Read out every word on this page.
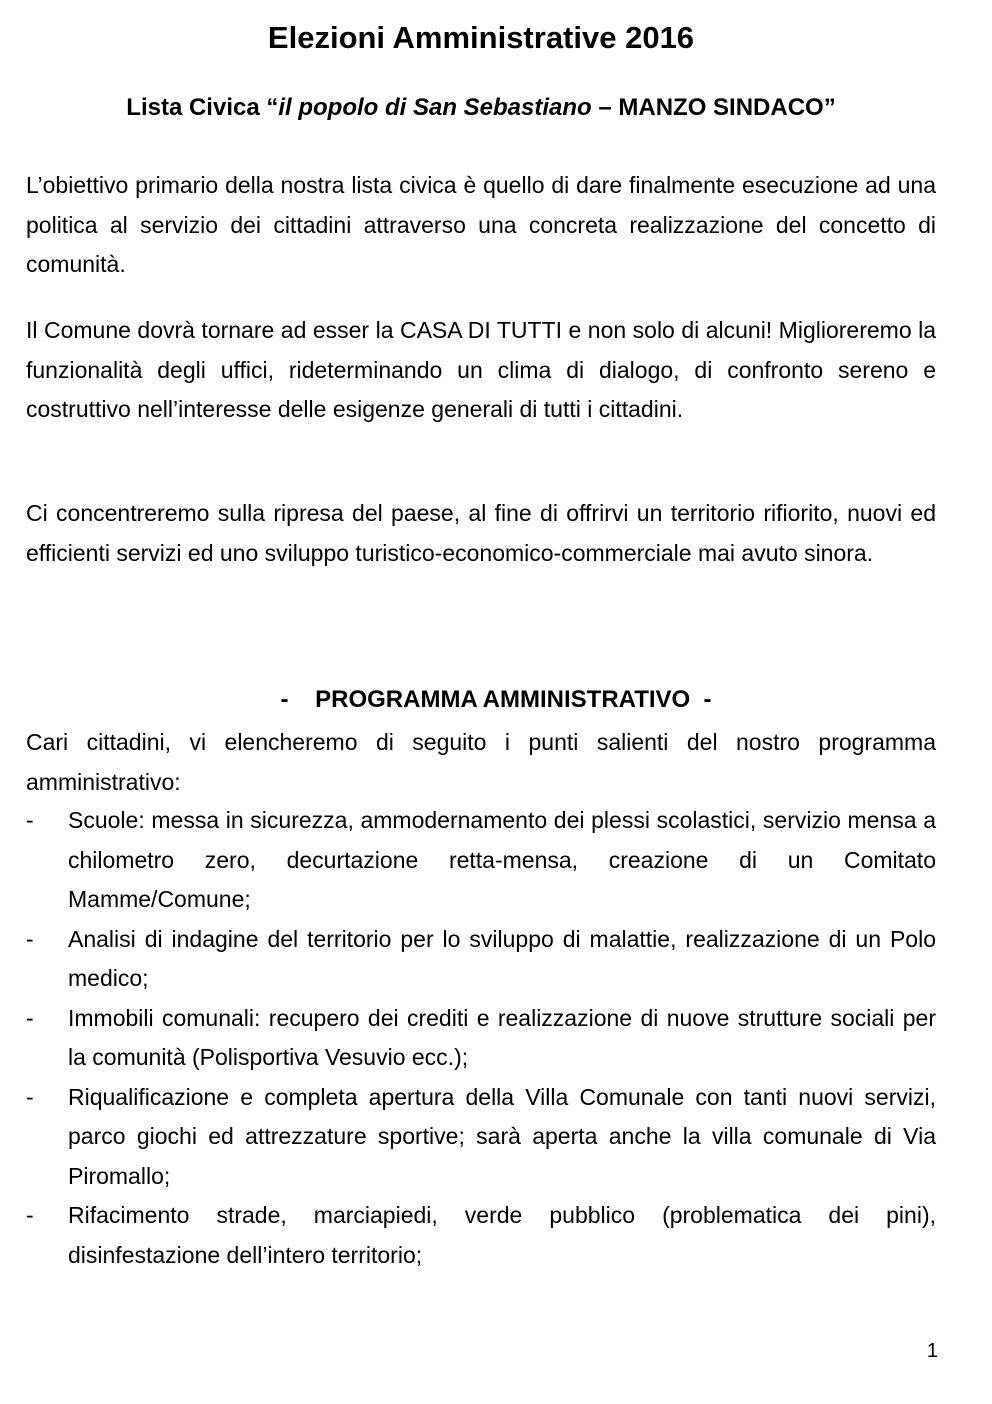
Elezioni Amministrative 2016
Lista Civica “il popolo di San Sebastiano – MANZO SINDACO”

L’obiettivo primario della nostra lista civica è quello di dare finalmente esecuzione ad una politica al servizio dei cittadini attraverso una concreta realizzazione del concetto di comunità.

Il Comune dovrà tornare ad esser la CASA DI TUTTI e non solo di alcuni! Miglioreremo la funzionalità degli uffici, rideterminando un clima di dialogo, di confronto sereno e costruttivo nell’interesse delle esigenze generali di tutti i cittadini.

Ci concentreremo sulla ripresa del paese, al fine di offrirvi un territorio rifiorito, nuovi ed efficienti servizi ed uno sviluppo turistico-economico-commerciale mai avuto sinora.

-    PROGRAMMA AMMINISTRATIVO  -

Cari cittadini, vi elencheremo di seguito i punti salienti del nostro programma amministrativo:

- Scuole: messa in sicurezza, ammodernamento dei plessi scolastici, servizio mensa a chilometro zero, decurtazione retta-mensa, creazione di un Comitato Mamme/Comune;
- Analisi di indagine del territorio per lo sviluppo di malattie, realizzazione di un Polo medico;
- Immobili comunali: recupero dei crediti e realizzazione di nuove strutture sociali per la comunità (Polisportiva Vesuvio ecc.);
- Riqualificazione e completa apertura della Villa Comunale con tanti nuovi servizi, parco giochi ed attrezzature sportive; sarà aperta anche la villa comunale di Via Piromallo;
- Rifacimento strade, marciapiedi, verde pubblico (problematica dei pini), disinfestazione dell’intero territorio;
1
